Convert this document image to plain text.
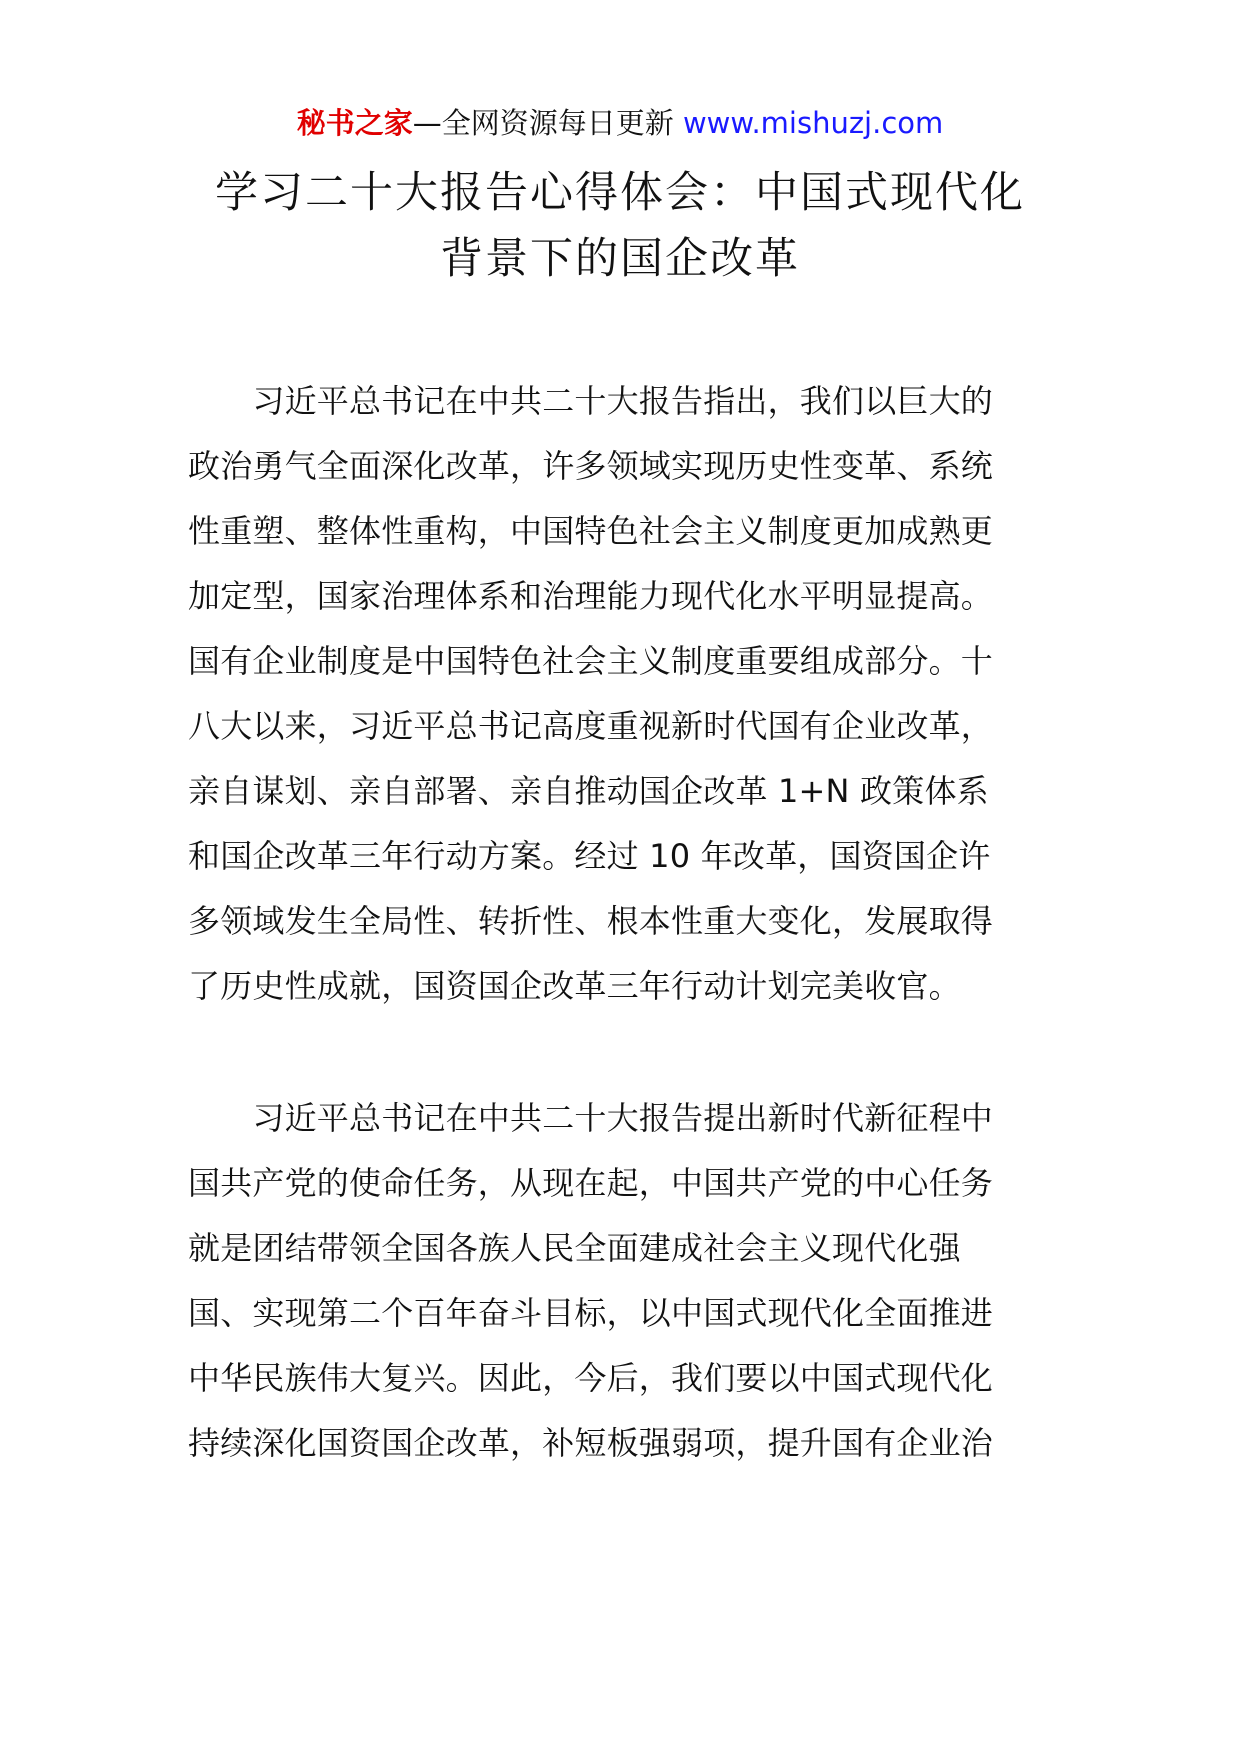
秘书之家—全网资源每日更新 www.mishuzj.com
学习二十大报告心得体会：中国式现代化
背景下的国企改革
　　习近平总书记在中共二十大报告指出，我们以巨大的
政治勇气全面深化改革，许多领域实现历史性变革、系统
性重塑、整体性重构，中国特色社会主义制度更加成熟更
加定型，国家治理体系和治理能力现代化水平明显提高。
国有企业制度是中国特色社会主义制度重要组成部分。十
八大以来，习近平总书记高度重视新时代国有企业改革，
亲自谋划、亲自部署、亲自推动国企改革 1+N 政策体系
和国企改革三年行动方案。经过 10 年改革，国资国企许
多领域发生全局性、转折性、根本性重大变化，发展取得
了历史性成就，国资国企改革三年行动计划完美收官。
　　习近平总书记在中共二十大报告提出新时代新征程中
国共产党的使命任务，从现在起，中国共产党的中心任务
就是团结带领全国各族人民全面建成社会主义现代化强
国、实现第二个百年奋斗目标，以中国式现代化全面推进
中华民族伟大复兴。因此，今后，我们要以中国式现代化
持续深化国资国企改革，补短板强弱项，提升国有企业治
